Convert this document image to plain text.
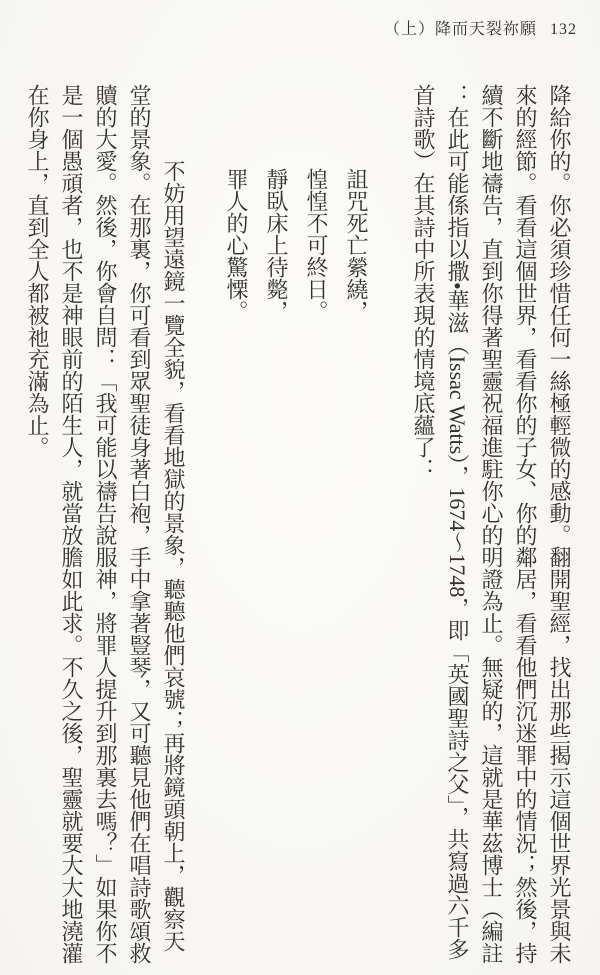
（上）降而天裂祢願 132

降給你的。你必須珍惜任何一絲極輕微的感動。翻開聖經，找出那些揭示這個世界光景與未來的經節。看看這個世界，看看你的子女、你的鄰居，看看他們沉迷罪中的情況；然後，持續不斷地禱告，直到你得著聖靈祝福進駐你心的明證為止。無疑的，這就是華茲博士（編註：在此可能係指以撒•華滋（Issac Watts），1674～1748，即「英國聖詩之父」，共寫過六千多首詩歌）在其詩中所表現的情境底蘊了：

詛咒死亡縈繞，

惶惶不可終日。

靜臥床上待斃，

罪人的心驚慄。

不妨用望遠鏡一覽全貌，看看地獄的景象，聽聽他們哀號；再將鏡頭朝上，觀察天堂的景象。在那裏，你可看到眾聖徒身著白袍，手中拿著豎琴，又可聽見他們在唱詩歌頌救贖的大愛。然後，你會自問：「我可能以禱告說服神，將罪人提升到那裏去嗎？」如果你不是一個愚頑者，也不是神眼前的陌生人，就當放膽如此求。不久之後，聖靈就要大大地澆灌在你身上，直到全人都被祂充滿為止。
